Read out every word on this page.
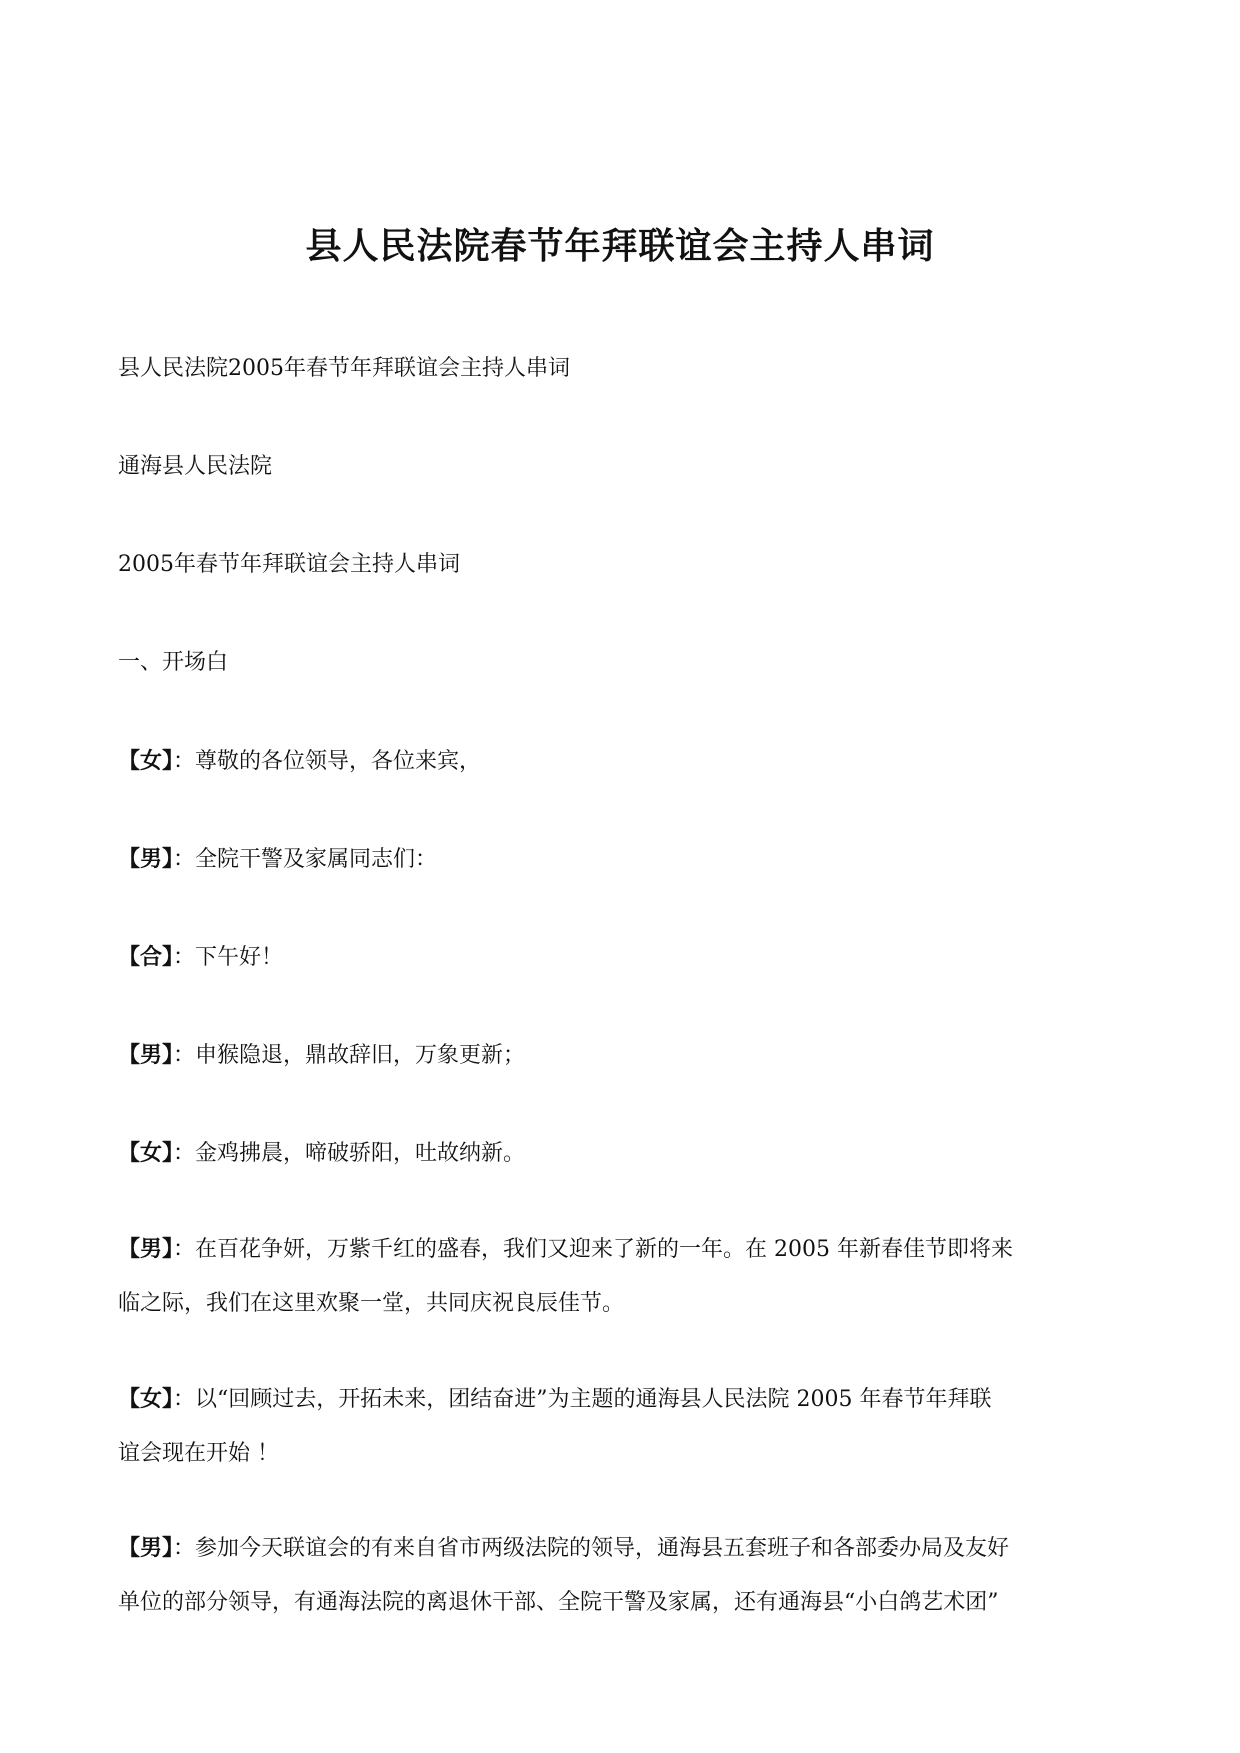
县人民法院春节年拜联谊会主持人串词

县人民法院2005年春节年拜联谊会主持人串词

通海县人民法院

2005年春节年拜联谊会主持人串词

一、开场白

【女】：尊敬的各位领导，各位来宾，

【男】：全院干警及家属同志们：

【合】：下午好！

【男】：申猴隐退，鼎故辞旧，万象更新；

【女】：金鸡拂晨，啼破骄阳，吐故纳新。

【男】：在百花争妍，万紫千红的盛春，我们又迎来了新的一年。在 2005 年新春佳节即将来
临之际，我们在这里欢聚一堂，共同庆祝良辰佳节。
【女】：以“回顾过去，开拓未来，团结奋进”为主题的通海县人民法院 2005 年春节年拜联
谊会现在开始 ！
【男】：参加今天联谊会的有来自省市两级法院的领导，通海县五套班子和各部委办局及友好
单位的部分领导，有通海法院的离退休干部、全院干警及家属，还有通海县“小白鸽艺术团”
